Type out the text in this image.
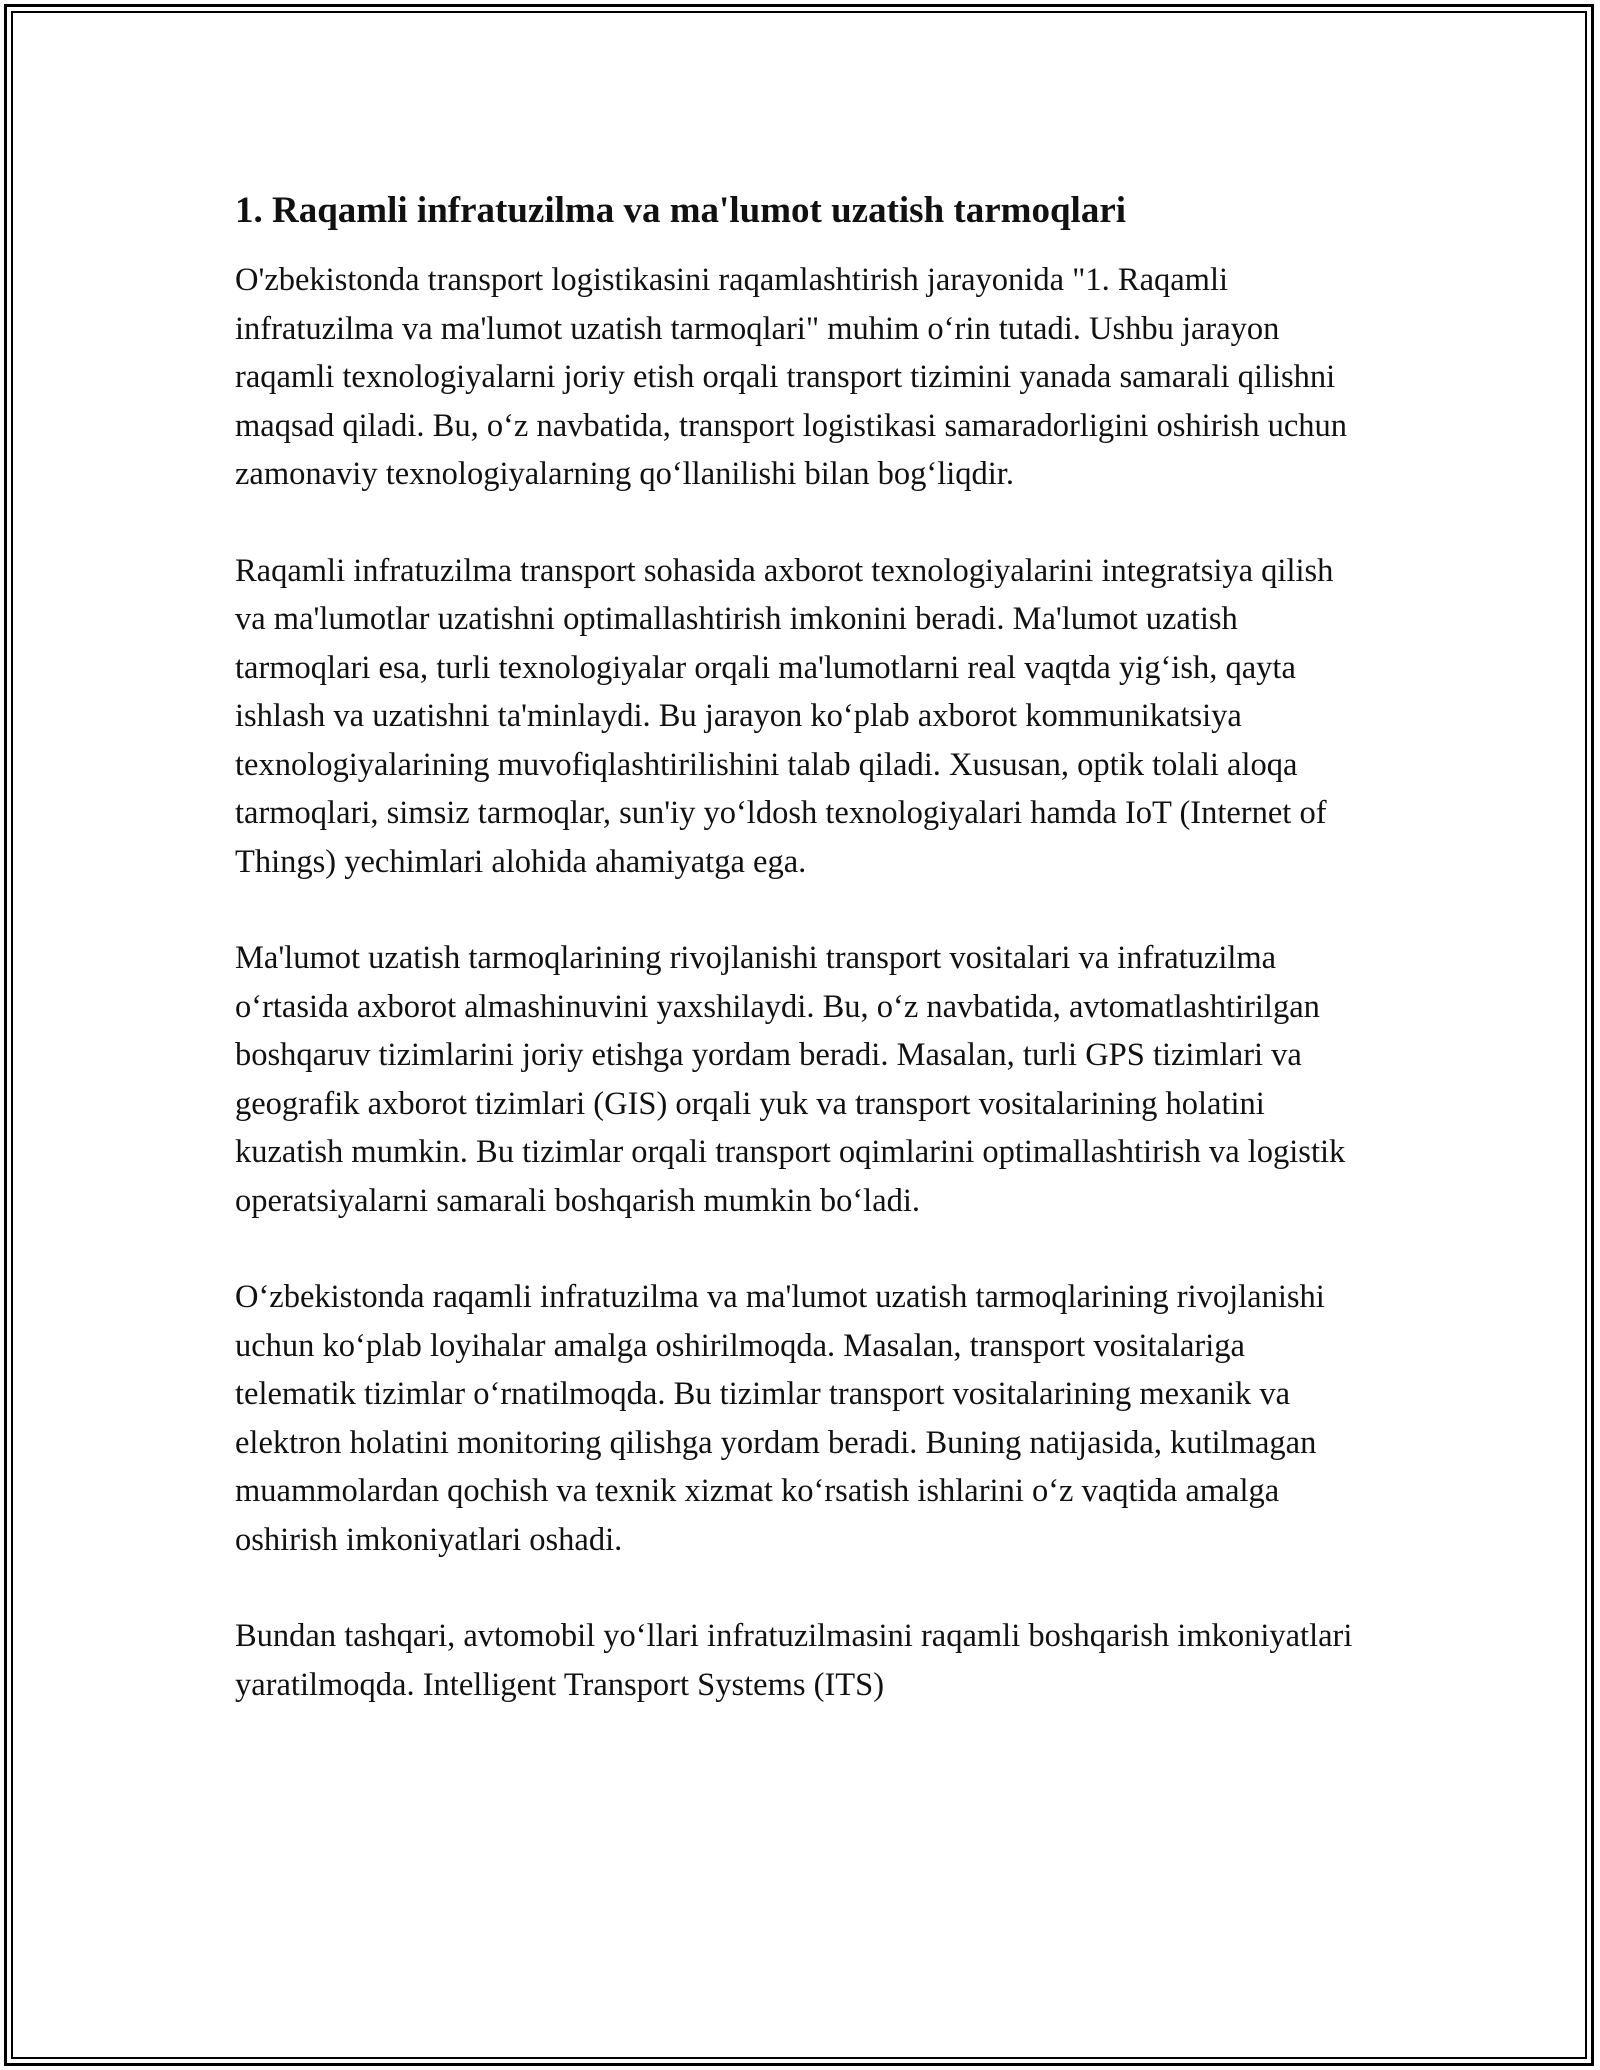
1. Raqamli infratuzilma va ma'lumot uzatish tarmoqlari

O'zbekistonda transport logistikasini raqamlashtirish jarayonida "1. Raqamli infratuzilma va ma'lumot uzatish tarmoqlari" muhim o‘rin tutadi. Ushbu jarayon raqamli texnologiyalarni joriy etish orqali transport tizimini yanada samarali qilishni maqsad qiladi. Bu, o‘z navbatida, transport logistikasi samaradorligini oshirish uchun zamonaviy texnologiyalarning qo‘llanilishi bilan bog‘liqdir.

Raqamli infratuzilma transport sohasida axborot texnologiyalarini integratsiya qilish va ma'lumotlar uzatishni optimallashtirish imkonini beradi. Ma'lumot uzatish tarmoqlari esa, turli texnologiyalar orqali ma'lumotlarni real vaqtda yig‘ish, qayta ishlash va uzatishni ta'minlaydi. Bu jarayon ko‘plab axborot kommunikatsiya texnologiyalarining muvofiqlashtirilishini talab qiladi. Xususan, optik tolali aloqa tarmoqlari, simsiz tarmoqlar, sun'iy yo‘ldosh texnologiyalari hamda IoT (Internet of Things) yechimlari alohida ahamiyatga ega.

Ma'lumot uzatish tarmoqlarining rivojlanishi transport vositalari va infratuzilma o‘rtasida axborot almashinuvini yaxshilaydi. Bu, o‘z navbatida, avtomatlashtirilgan boshqaruv tizimlarini joriy etishga yordam beradi. Masalan, turli GPS tizimlari va geografik axborot tizimlari (GIS) orqali yuk va transport vositalarining holatini kuzatish mumkin. Bu tizimlar orqali transport oqimlarini optimallashtirish va logistik operatsiyalarni samarali boshqarish mumkin bo‘ladi.

O‘zbekistonda raqamli infratuzilma va ma'lumot uzatish tarmoqlarining rivojlanishi uchun ko‘plab loyihalar amalga oshirilmoqda. Masalan, transport vositalariga telematik tizimlar o‘rnatilmoqda. Bu tizimlar transport vositalarining mexanik va elektron holatini monitoring qilishga yordam beradi. Buning natijasida, kutilmagan muammolardan qochish va texnik xizmat ko‘rsatish ishlarini o‘z vaqtida amalga oshirish imkoniyatlari oshadi.

Bundan tashqari, avtomobil yo‘llari infratuzilmasini raqamli boshqarish imkoniyatlari yaratilmoqda. Intelligent Transport Systems (ITS)
